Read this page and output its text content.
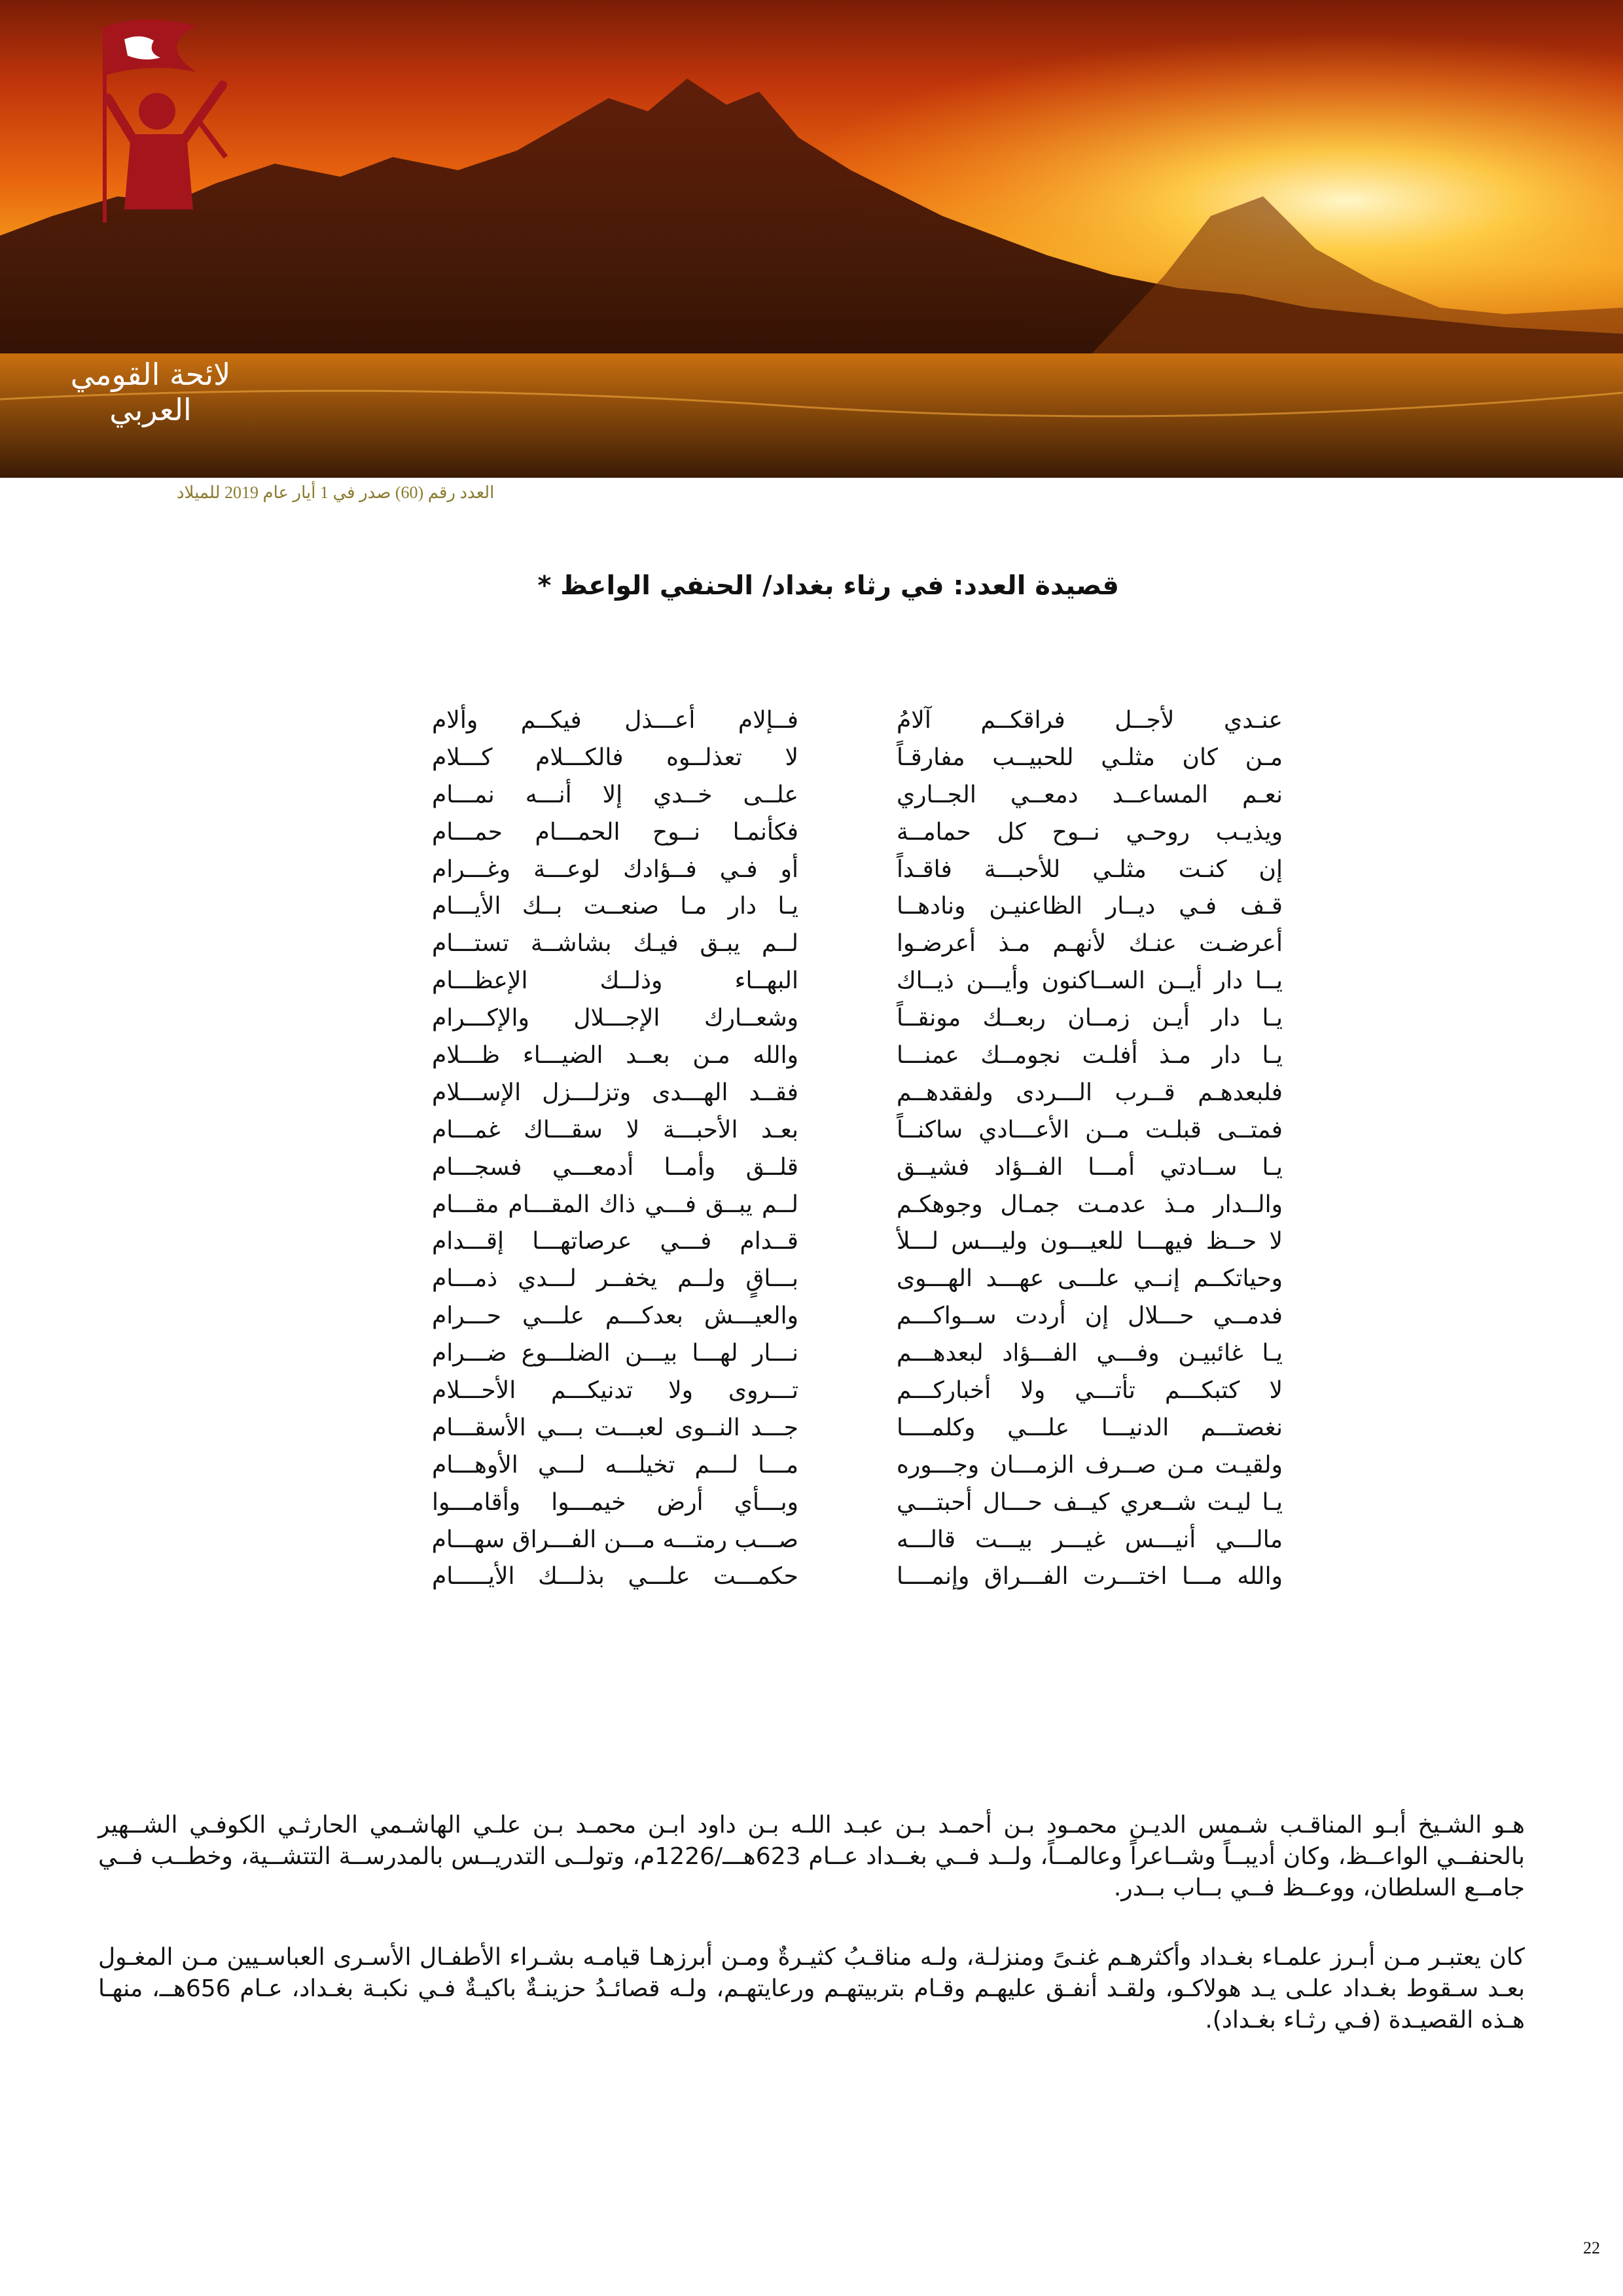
لائحة القومي العربي
العدد رقم (60) صدر في 1 أيار عام 2019 للميلاد
قصيدة العدد: في رثاء بغداد/ الحنفي الواعظ *
عنـدي لأجــل فراقكــم آلامُ
فــإلام أعـــذل فيكــم وألام
مـن كان مثلـي للحبيــب مفارقـاً
لا تعذلــوه فالكـــلام كـــلام
نعـم المساعــد دمعــي الجــاري
علــى خــدي إلا أنـــه نمـــام
ويذيـب روحـي نــوح كل حمامــة
فكأنمـا نــوح الحمـــام حمـــام
إن كنـت مثلـي للأحبـــة فاقـداً
أو فـي فــؤادك لوعـــة وغـــرام
قـف فـي ديــار الظاعنيـن ونادهــا
يـا دار مـا صنعــت بــك الأيـــام
أعرضـت عنـك لأنهـم مـذ أعرضـوا
لــم يبـق فيـك بشاشــة تستـــام
يــا دار أيــن الســاكنون وأيـــن ذيــاك
البهــاء وذلــك الإعظـــام
يـا دار أيـن زمــان ربعــك مونقــاً
وشعــارك الإجـــلال والإكـــرام
يـا دار مـذ أفلـت نجومــك عمنـــا
والله مـن بعــد الضيـــاء ظـــلام
فلبعدهـم قــرب الـــردى ولفقدهــم
فقــد الهـــدى وتزلـــزل الإســـلام
فمتــى قبلـت مــن الأعـــادي ساكنــاً
بعـد الأحبـــة لا سقـــاك غمـــام
يـا ســادتي أمـــا الفــؤاد فشيــق
قلــق وأمــا أدمعـــي فسجـــام
والــدار مـذ عدمـت جمـال وجوهكـم
لــم يبــق فـــي ذاك المقـــام مقـــام
لا حــظ فيهـــا للعيـــون وليـــس لـــلأ
قــدام فـــي عرصاتهـــا إقـــدام
وحياتكــم إنــي علـــى عهـــد الهـــوى
بـــاقٍ ولــم يخفــر لـــدي ذمـــام
فدمــي حـــلال إن أردت ســواكـــم
والعيـــش بعدكـــم علـــي حـــرام
يـا غائبيـن وفـــي الفـــؤاد لبعدهـــم
نـــار لهـــا بيـــن الضلـــوع ضـــرام
لا كتبكـــم تأتـــي ولا أخباركـــم
تـــروى ولا تدنيكـــم الأحـــلام
نغصتـــم الدنيـــا علـــي وكلمــــا
جـــد النــوى لعبـــت بـــي الأسقـــام
ولقيـت مـن صــرف الزمـــان وجـــوره
مـــا لـــم تخيلـــه لـــي الأوهـــام
يـا ليـت شــعري كيــف حـــال أحبتـــي
وبـــأي أرض خيمـــوا وأقامـــوا
مالـــي أنيـــس غيـــر بيـــت قالـــه
صـــب رمتـــه مـــن الفـــراق سهـــام
والله مـــا اختـــرت الفـــراق وإنمــــا
حكمـــت علـــي بذلـــك الأيـــــام

هـو الشـيخ أبـو المناقـب شـمس الديـن محمـود بـن أحمـد بـن عبـد اللـه بـن داود ابـن محمـد بـن علـي الهاشـمي الحارثـي الكوفـي الشــهير بالحنفــي الواعــظ، وكان أديبــاً وشــاعراً وعالمــاً، ولــد فــي بغــداد عــام 623هـــ/1226م، وتولــى التدريــس بالمدرســة التتشــية، وخطــب فــي جامــع السلطان، ووعــظ فــي بــاب بــدر.

كان يعتبـر مـن أبـرز علمـاء بغـداد وأكثرهـم غنـىً ومنزلـة، ولـه مناقـبُ كثيـرةٌ ومـن أبرزهـا قيامـه بشـراء الأطفـال الأسـرى العباسـيين مـن المغـول بعـد سـقوط بغـداد علـى يـد هولاكـو، ولقـد أنفـق عليهـم وقـام بتربيتهـم ورعايتهـم، ولـه قصائـدُ حزينـةٌ باكيـةٌ فـي نكبـة بغـداد، عـام 656هــ، منهـا هـذه القصيـدة (فـي رثـاء بغـداد).

22
